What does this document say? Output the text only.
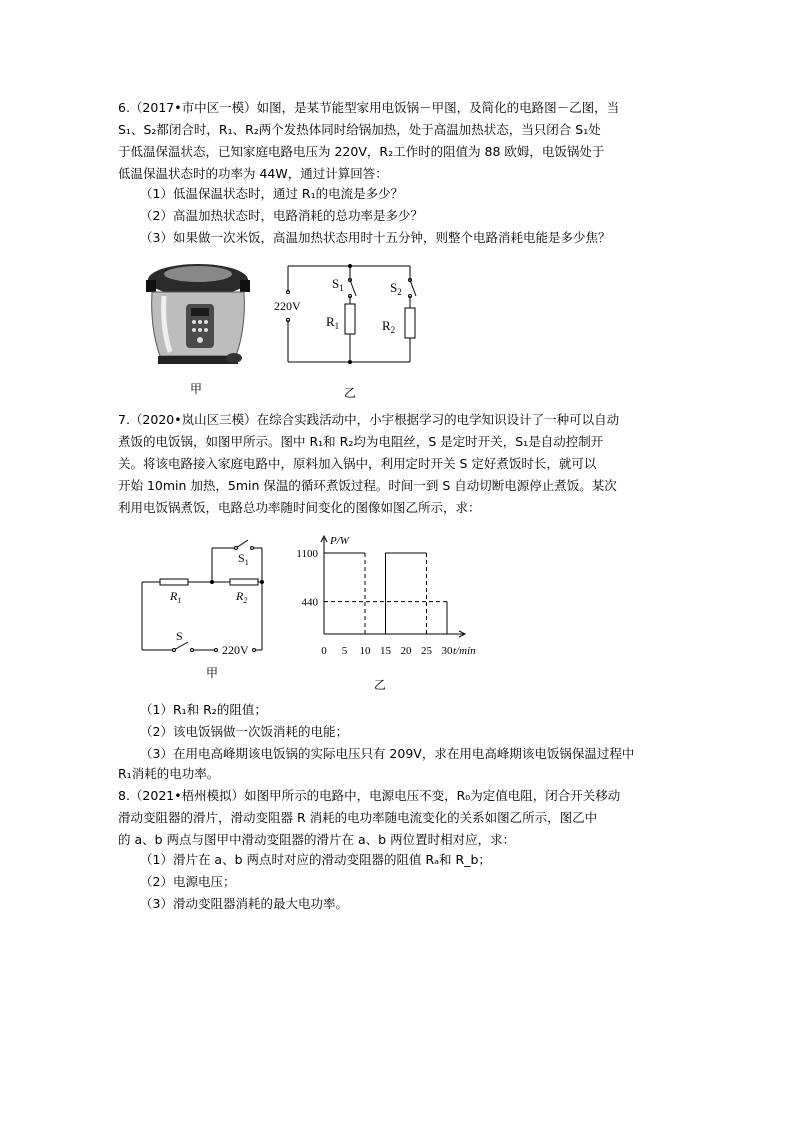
6.（2017•市中区一模）如图，是某节能型家用电饭锅－甲图，及简化的电路图－乙图，当
S₁、S₂都闭合时，R₁、R₂两个发热体同时给锅加热，处于高温加热状态，当只闭合 S₁处
于低温保温状态，已知家庭电路电压为 220V，R₂工作时的阻值为 88 欧姆，电饭锅处于
低温保温状态时的功率为 44W，通过计算回答：
（1）低温保温状态时，通过 R₁的电流是多少？
（2）高温加热状态时，电路消耗的总功率是多少？
（3）如果做一次米饭，高温加热状态用时十五分钟，则整个电路消耗电能是多少焦？
甲
220V
$S_1$	$S_2$
$R_1$	$R_2$
乙
7.（2020•岚山区三模）在综合实践活动中，小宇根据学习的电学知识设计了一种可以自动
煮饭的电饭锅，如图甲所示。图中 R₁和 R₂均为电阻丝，S 是定时开关，S₁是自动控制开
关。将该电路接入家庭电路中，原料加入锅中，利用定时开关 S 定好煮饭时长，就可以
开始 10min 加热，5min 保温的循环煮饭过程。时间一到 S 自动切断电源停止煮饭。某次
利用电饭锅煮饭，电路总功率随时间变化的图像如图乙所示，求：
$S_1$
$R_1$	$R_2$
S
220V
甲
P/W
t/min
0 5 10 15 20 25 30
440
1100
乙
（1）R₁和 R₂的阻值；
（2）该电饭锅做一次饭消耗的电能；
（3）在用电高峰期该电饭锅的实际电压只有 209V，求在用电高峰期该电饭锅保温过程中
R₁消耗的电功率。
8.（2021•梧州模拟）如图甲所示的电路中，电源电压不变，R₀为定值电阻，闭合开关移动
滑动变阻器的滑片，滑动变阻器 R 消耗的电功率随电流变化的关系如图乙所示，图乙中
的 a、b 两点与图甲中滑动变阻器的滑片在 a、b 两位置时相对应，求：
（1）滑片在 a、b 两点时对应的滑动变阻器的阻值 Rₐ和 R_b；
（2）电源电压；
（3）滑动变阻器消耗的最大电功率。
